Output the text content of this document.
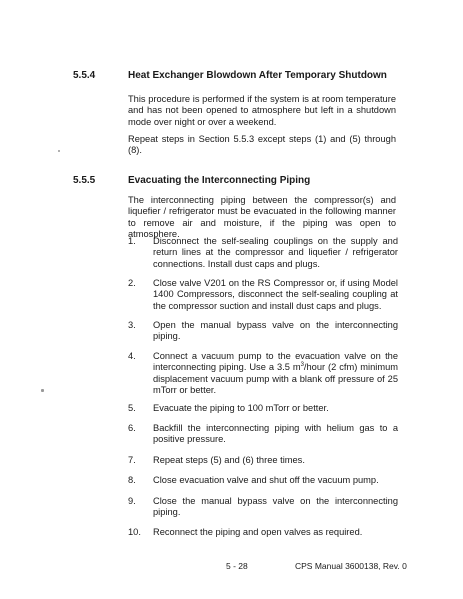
5.5.4	Heat Exchanger Blowdown After Temporary Shutdown
This procedure is performed if the system is at room temperature and has not been opened to atmosphere but left in a shutdown mode over night or over a weekend.
Repeat steps in Section 5.5.3 except steps (1) and (5) through (8).
5.5.5	Evacuating the Interconnecting Piping
The interconnecting piping between the compressor(s) and liquefier / refrigerator must be evacuated in the following manner to remove air and moisture, if the piping was open to atmosphere.
1. Disconnect the self-sealing couplings on the supply and return lines at the compressor and liquefier / refrigerator connections. Install dust caps and plugs.
2. Close valve V201 on the RS Compressor or, if using Model 1400 Compressors, disconnect the self-sealing coupling at the compressor suction and install dust caps and plugs.
3. Open the manual bypass valve on the interconnecting piping.
4. Connect a vacuum pump to the evacuation valve on the interconnecting piping. Use a 3.5 $m^3$/hour (2 cfm) minimum displacement vacuum pump with a blank off pressure of 25 mTorr or better.
5. Evacuate the piping to 100 mTorr or better.
6. Backfill the interconnecting piping with helium gas to a positive pressure.
7. Repeat steps (5) and (6) three times.
8. Close evacuation valve and shut off the vacuum pump.
9. Close the manual bypass valve on the interconnecting piping.
10. Reconnect the piping and open valves as required.
5 - 28	CPS Manual 3600138, Rev. 0
